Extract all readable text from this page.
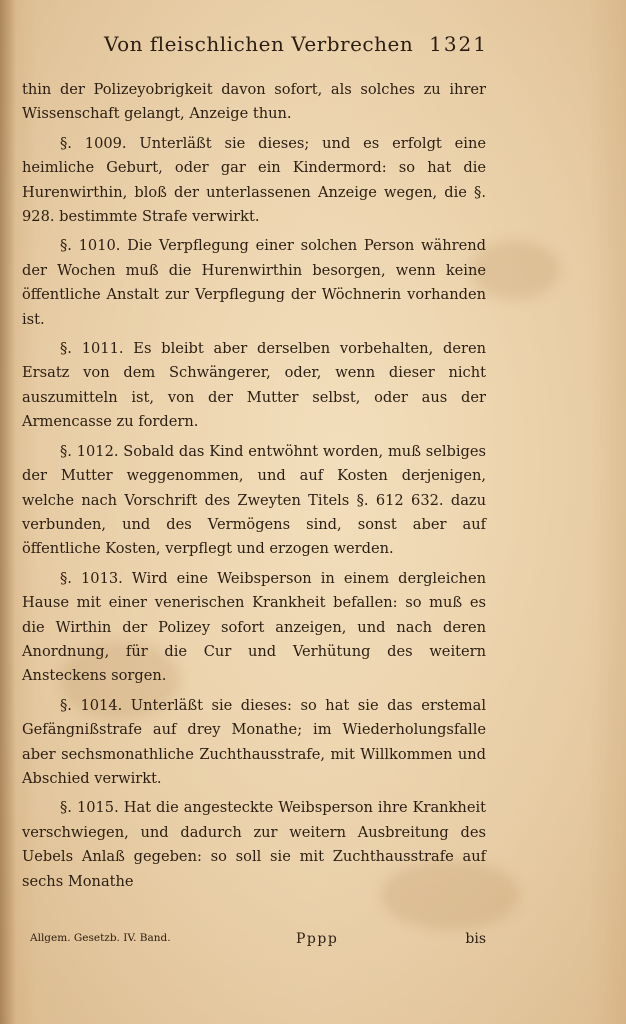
Von fleischlichen Verbrechen 1321

thin der Polizeyobrigkeit davon sofort, als solches zu ihrer Wissenschaft gelangt, Anzeige thun.

§. 1009. Unterläßt sie dieses; und es erfolgt eine heimliche Geburt, oder gar ein Kindermord: so hat die Hurenwirthin, bloß der unterlassenen Anzeige wegen, die §. 928. bestimmte Strafe verwirkt.

§. 1010. Die Verpflegung einer solchen Person während der Wochen muß die Hurenwirthin besorgen, wenn keine öffentliche Anstalt zur Verpflegung der Wöchnerin vorhanden ist.

§. 1011. Es bleibt aber derselben vorbehalten, deren Ersatz von dem Schwängerer, oder, wenn dieser nicht auszumitteln ist, von der Mutter selbst, oder aus der Armencasse zu fordern.

§. 1012. Sobald das Kind entwöhnt worden, muß selbiges der Mutter weggenommen, und auf Kosten derjenigen, welche nach Vorschrift des Zweyten Titels §. 612 632. dazu verbunden, und des Vermögens sind, sonst aber auf öffentliche Kosten, verpflegt und erzogen werden.

§. 1013. Wird eine Weibsperson in einem dergleichen Hause mit einer venerischen Krankheit befallen: so muß es die Wirthin der Polizey sofort anzeigen, und nach deren Anordnung, für die Cur und Verhütung des weitern Ansteckens sorgen.

§. 1014. Unterläßt sie dieses: so hat sie das erstemal Gefängnißstrafe auf drey Monathe; im Wiederholungsfalle aber sechsmonathliche Zuchthausstrafe, mit Willkommen und Abschied verwirkt.

§. 1015. Hat die angesteckte Weibsperson ihre Krankheit verschwiegen, und dadurch zur weitern Ausbreitung des Uebels Anlaß gegeben: so soll sie mit Zuchthausstrafe auf sechs Monathe

Allgem. Gesetzb. IV. Band.	Pppp	bis
